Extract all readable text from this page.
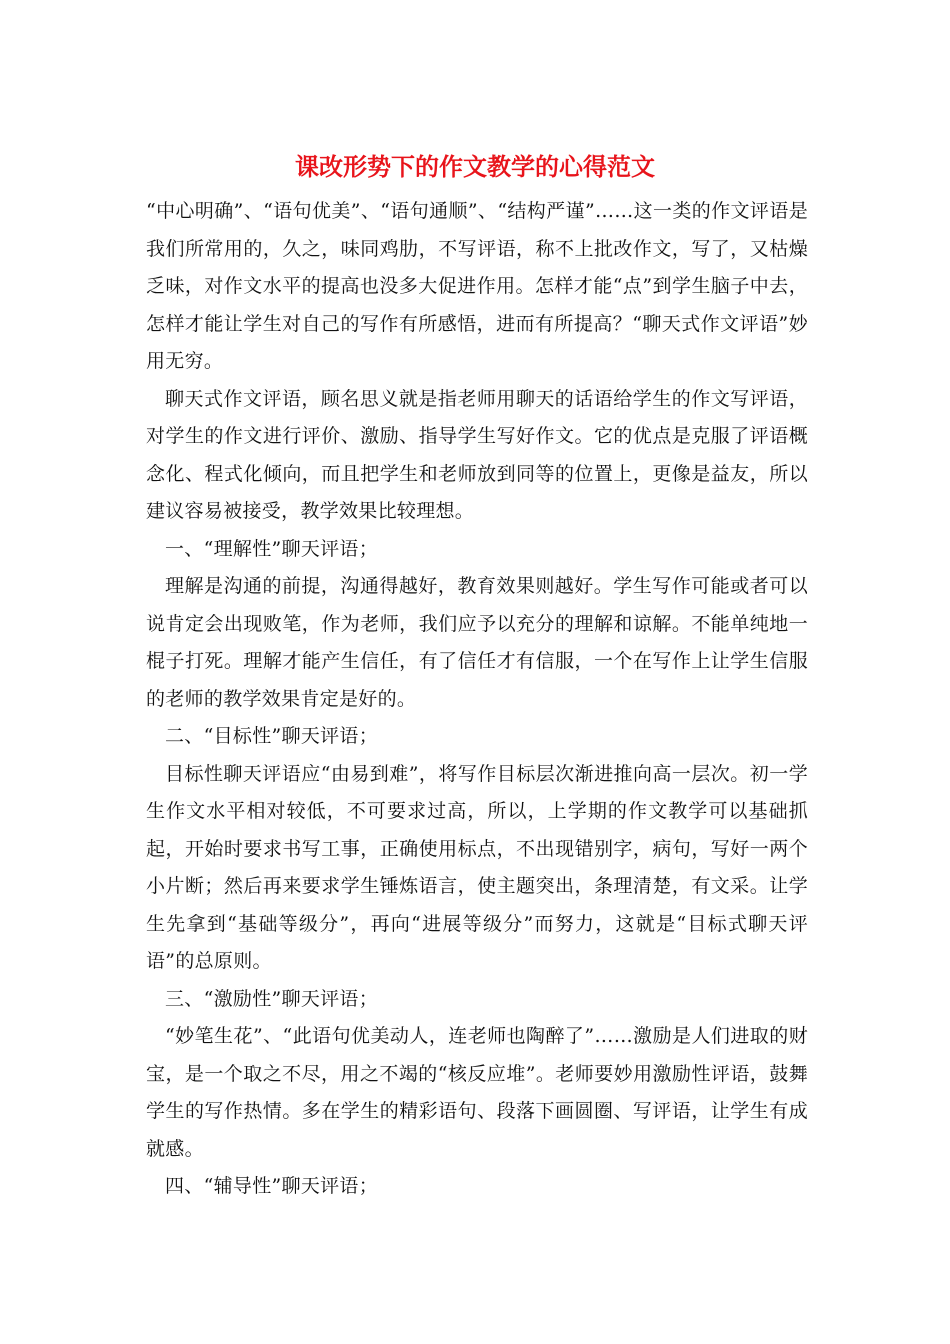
课改形势下的作文教学的心得范文

“中心明确”、“语句优美”、“语句通顺”、“结构严谨”……这一类的作文评语是我们所常用的，久之，味同鸡肋，不写评语，称不上批改作文，写了，又枯燥乏味，对作文水平的提高也没多大促进作用。怎样才能“点”到学生脑子中去，怎样才能让学生对自己的写作有所感悟，进而有所提高？“聊天式作文评语”妙用无穷。

聊天式作文评语，顾名思义就是指老师用聊天的话语给学生的作文写评语，对学生的作文进行评价、激励、指导学生写好作文。它的优点是克服了评语概念化、程式化倾向，而且把学生和老师放到同等的位置上，更像是益友，所以建议容易被接受，教学效果比较理想。

一、“理解性”聊天评语；

理解是沟通的前提，沟通得越好，教育效果则越好。学生写作可能或者可以说肯定会出现败笔，作为老师，我们应予以充分的理解和谅解。不能单纯地一棍子打死。理解才能产生信任，有了信任才有信服，一个在写作上让学生信服的老师的教学效果肯定是好的。

二、“目标性”聊天评语；

目标性聊天评语应“由易到难”，将写作目标层次渐进推向高一层次。初一学生作文水平相对较低，不可要求过高，所以，上学期的作文教学可以基础抓起，开始时要求书写工事，正确使用标点，不出现错别字，病句，写好一两个小片断；然后再来要求学生锤炼语言，使主题突出，条理清楚，有文采。让学生先拿到“基础等级分”，再向“进展等级分”而努力，这就是“目标式聊天评语”的总原则。

三、“激励性”聊天评语；

“妙笔生花”、“此语句优美动人，连老师也陶醉了”……激励是人们进取的财宝，是一个取之不尽，用之不竭的“核反应堆”。老师要妙用激励性评语，鼓舞学生的写作热情。多在学生的精彩语句、段落下画圆圈、写评语，让学生有成就感。

四、“辅导性”聊天评语；
